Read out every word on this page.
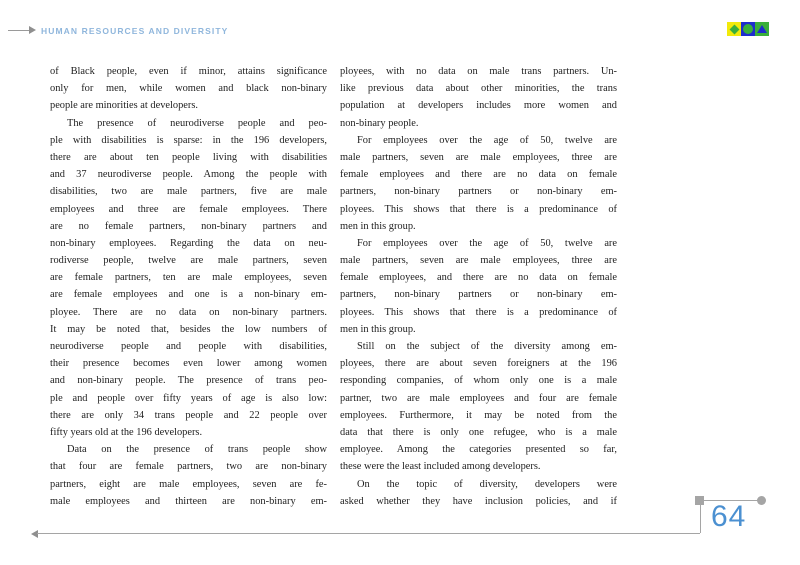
HUMAN RESOURCES AND DIVERSITY
of Black people, even if minor, attains significance
only for men, while women and black non-binary
people are minorities at developers.
The presence of neurodiverse people and peo-
ple with disabilities is sparse: in the 196 developers,
there are about ten people living with disabilities
and 37 neurodiverse people. Among the people with
disabilities, two are male partners, five are male
employees and three are female employees. There
are no female partners, non-binary partners and
non-binary employees. Regarding the data on neu-
rodiverse people, twelve are male partners, seven
are female partners, ten are male employees, seven
are female employees and one is a non-binary em-
ployee. There are no data on non-binary partners.
It may be noted that, besides the low numbers of
neurodiverse people and people with disabilities,
their presence becomes even lower among women
and non-binary people. The presence of trans peo-
ple and people over fifty years of age is also low:
there are only 34 trans people and 22 people over
fifty years old at the 196 developers.
Data on the presence of trans people show
that four are female partners, two are non-binary
partners, eight are male employees, seven are fe-
male employees and thirteen are non-binary em-
ployees, with no data on male trans partners. Un-
like previous data about other minorities, the trans
population at developers includes more women and
non-binary people.
For employees over the age of 50, twelve are
male partners, seven are male employees, three are
female employees and there are no data on female
partners, non-binary partners or non-binary em-
ployees. This shows that there is a predominance of
men in this group.
For employees over the age of 50, twelve are
male partners, seven are male employees, three are
female employees, and there are no data on female
partners, non-binary partners or non-binary em-
ployees. This shows that there is a predominance of
men in this group.
Still on the subject of the diversity among em-
ployees, there are about seven foreigners at the 196
responding companies, of whom only one is a male
partner, two are male employees and four are female
employees. Furthermore, it may be noted from the
data that there is only one refugee, who is a male
employee. Among the categories presented so far,
these were the least included among developers.
On the topic of diversity, developers were
asked whether they have inclusion policies, and if	64
